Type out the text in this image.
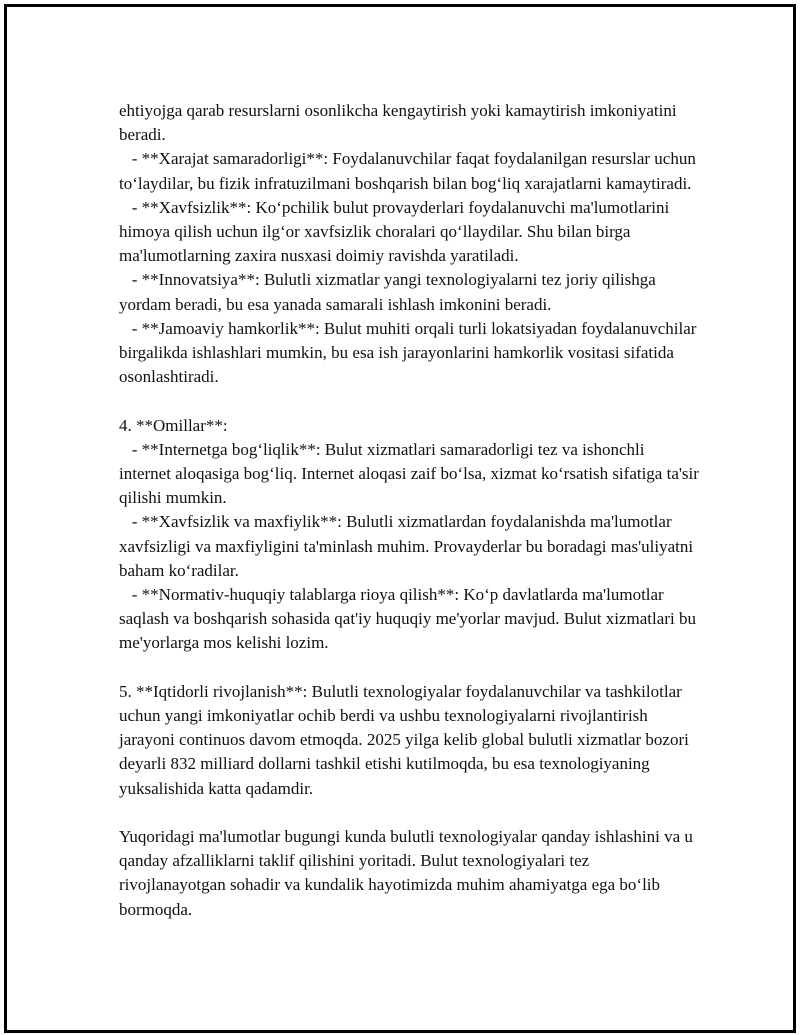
ehtiyojga qarab resurslarni osonlikcha kengaytirish yoki kamaytirish imkoniyatini beradi.

- **Xarajat samaradorligi**: Foydalanuvchilar faqat foydalanilgan resurslar uchun to‘laydilar, bu fizik infratuzilmani boshqarish bilan bog‘liq xarajatlarni kamaytiradi.

- **Xavfsizlik**: Ko‘pchilik bulut provayderlari foydalanuvchi ma'lumotlarini himoya qilish uchun ilg‘or xavfsizlik choralari qo‘llaydilar. Shu bilan birga ma'lumotlarning zaxira nusxasi doimiy ravishda yaratiladi.

- **Innovatsiya**: Bulutli xizmatlar yangi texnologiyalarni tez joriy qilishga yordam beradi, bu esa yanada samarali ishlash imkonini beradi.

- **Jamoaviy hamkorlik**: Bulut muhiti orqali turli lokatsiyadan foydalanuvchilar birgalikda ishlashlari mumkin, bu esa ish jarayonlarini hamkorlik vositasi sifatida osonlashtiradi.

4. **Omillar**:

- **Internetga bog‘liqlik**: Bulut xizmatlari samaradorligi tez va ishonchli internet aloqasiga bog‘liq. Internet aloqasi zaif bo‘lsa, xizmat ko‘rsatish sifatiga ta'sir qilishi mumkin.

- **Xavfsizlik va maxfiylik**: Bulutli xizmatlardan foydalanishda ma'lumotlar xavfsizligi va maxfiyligini ta'minlash muhim. Provayderlar bu boradagi mas'uliyatni baham ko‘radilar.

- **Normativ-huquqiy talablarga rioya qilish**: Ko‘p davlatlarda ma'lumotlar saqlash va boshqarish sohasida qat'iy huquqiy me'yorlar mavjud. Bulut xizmatlari bu me'yorlarga mos kelishi lozim.

5. **Iqtidorli rivojlanish**: Bulutli texnologiyalar foydalanuvchilar va tashkilotlar uchun yangi imkoniyatlar ochib berdi va ushbu texnologiyalarni rivojlantirish jarayoni continuos davom etmoqda. 2025 yilga kelib global bulutli xizmatlar bozori deyarli 832 milliard dollarni tashkil etishi kutilmoqda, bu esa texnologiyaning yuksalishida katta qadamdir.

Yuqoridagi ma'lumotlar bugungi kunda bulutli texnologiyalar qanday ishlashini va u qanday afzalliklarni taklif qilishini yoritadi. Bulut texnologiyalari tez rivojlanayotgan sohadir va kundalik hayotimizda muhim ahamiyatga ega bo‘lib bormoqda.
